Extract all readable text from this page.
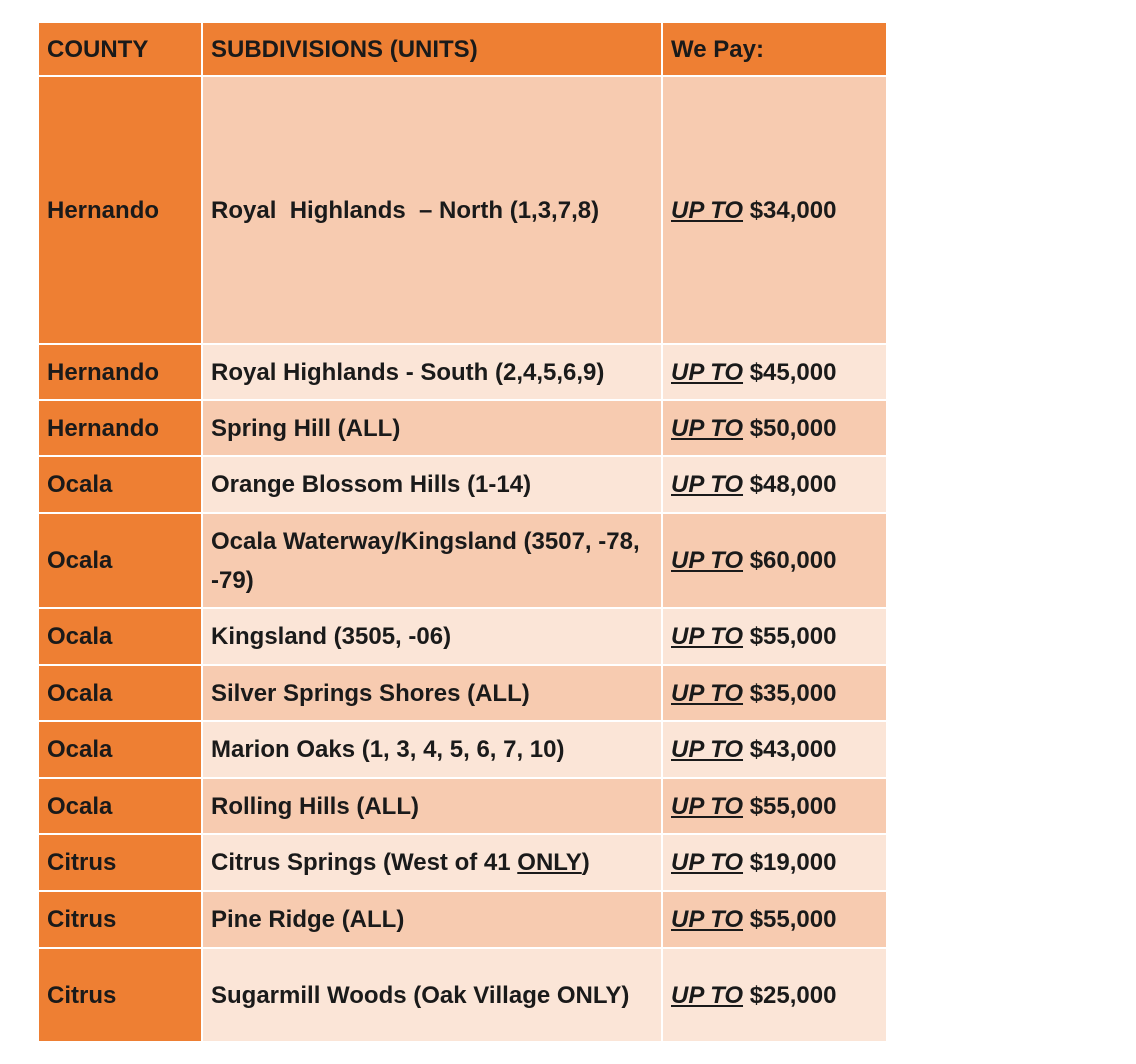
COUNTY	SUBDIVISIONS (UNITS)	We Pay:
Hernando	Royal  Highlands  – North (1,3,7,8)	UP TO $34,000
Hernando	Royal Highlands - South (2,4,5,6,9)	UP TO $45,000
Hernando	Spring Hill (ALL)	UP TO $50,000
Ocala	Orange Blossom Hills (1-14)	UP TO $48,000
Ocala	Ocala Waterway/Kingsland (3507, -78, -79)	UP TO $60,000
Ocala	Kingsland (3505, -06)	UP TO $55,000
Ocala	Silver Springs Shores (ALL)	UP TO $35,000
Ocala	Marion Oaks (1, 3, 4, 5, 6, 7, 10)	UP TO $43,000
Ocala	Rolling Hills (ALL)	UP TO $55,000
Citrus	Citrus Springs (West of 41 ONLY)	UP TO $19,000
Citrus	Pine Ridge (ALL)	UP TO $55,000
Citrus	Sugarmill Woods (Oak Village ONLY)	UP TO $25,000
